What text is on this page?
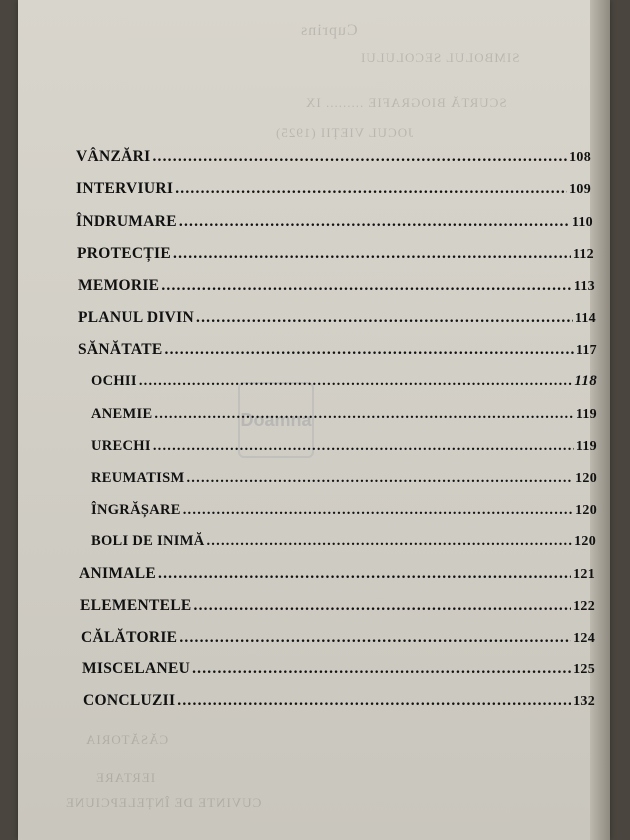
Cuprins
SIMBOLUL SECOLULUI
SCURTĂ BIOGRAFIE ......... IX
JOCUL VIEȚII (1925)
CĂSĂTORIA
IERTARE
CUVINTE DE ÎNȚELEPCIUNE
Doamna
VÂNZĂRI .....	108
INTERVIURI .....	109
ÎNDRUMARE .....	110
PROTECȚIE .....	112
MEMORIE .....	113
PLANUL DIVIN .....	114
SĂNĂTATE .....	117
OCHII .....	118
ANEMIE .....	119
URECHI .....	119
REUMATISM .....	120
ÎNGRĂȘARE .....	120
BOLI DE INIMĂ .....	120
ANIMALE .....	121
ELEMENTELE .....	122
CĂLĂTORIE .....	124
MISCELANEU .....	125
CONCLUZII .....	132
